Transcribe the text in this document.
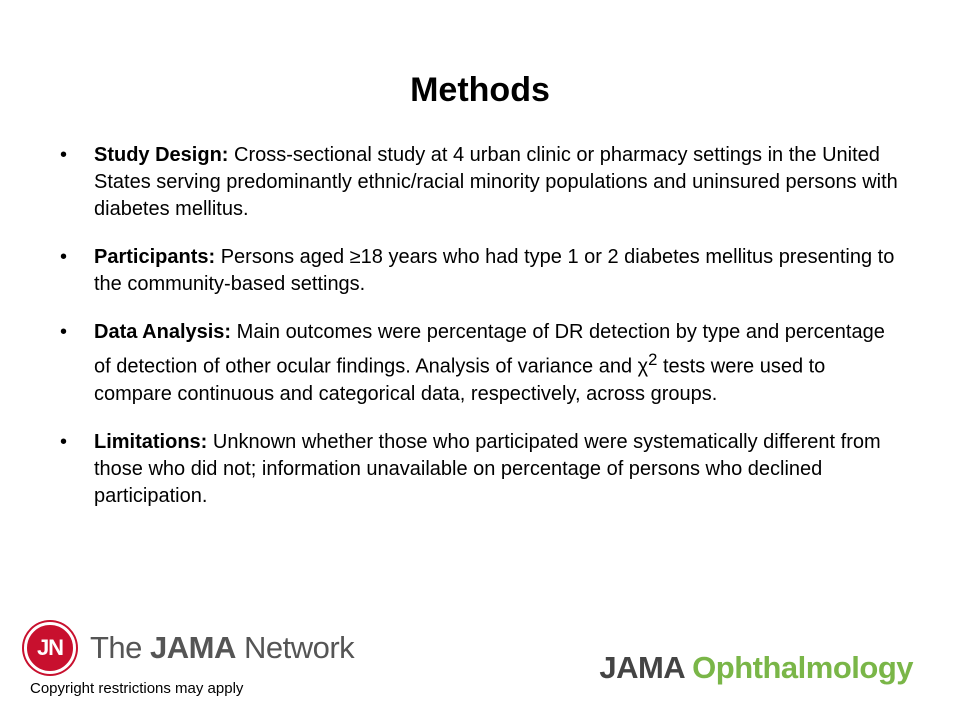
Methods
• Study Design: Cross-sectional study at 4 urban clinic or pharmacy settings in the United States serving predominantly ethnic/racial minority populations and uninsured persons with diabetes mellitus.
• Participants: Persons aged ≥18 years who had type 1 or 2 diabetes mellitus presenting to the community-based settings.
• Data Analysis: Main outcomes were percentage of DR detection by type and percentage of detection of other ocular findings. Analysis of variance and $\chi^2$ tests were used to compare continuous and categorical data, respectively, across groups.
• Limitations: Unknown whether those who participated were systematically different from those who did not; information unavailable on percentage of persons who declined participation.
JN The JAMA Network
JAMA Ophthalmology
Copyright restrictions may apply
